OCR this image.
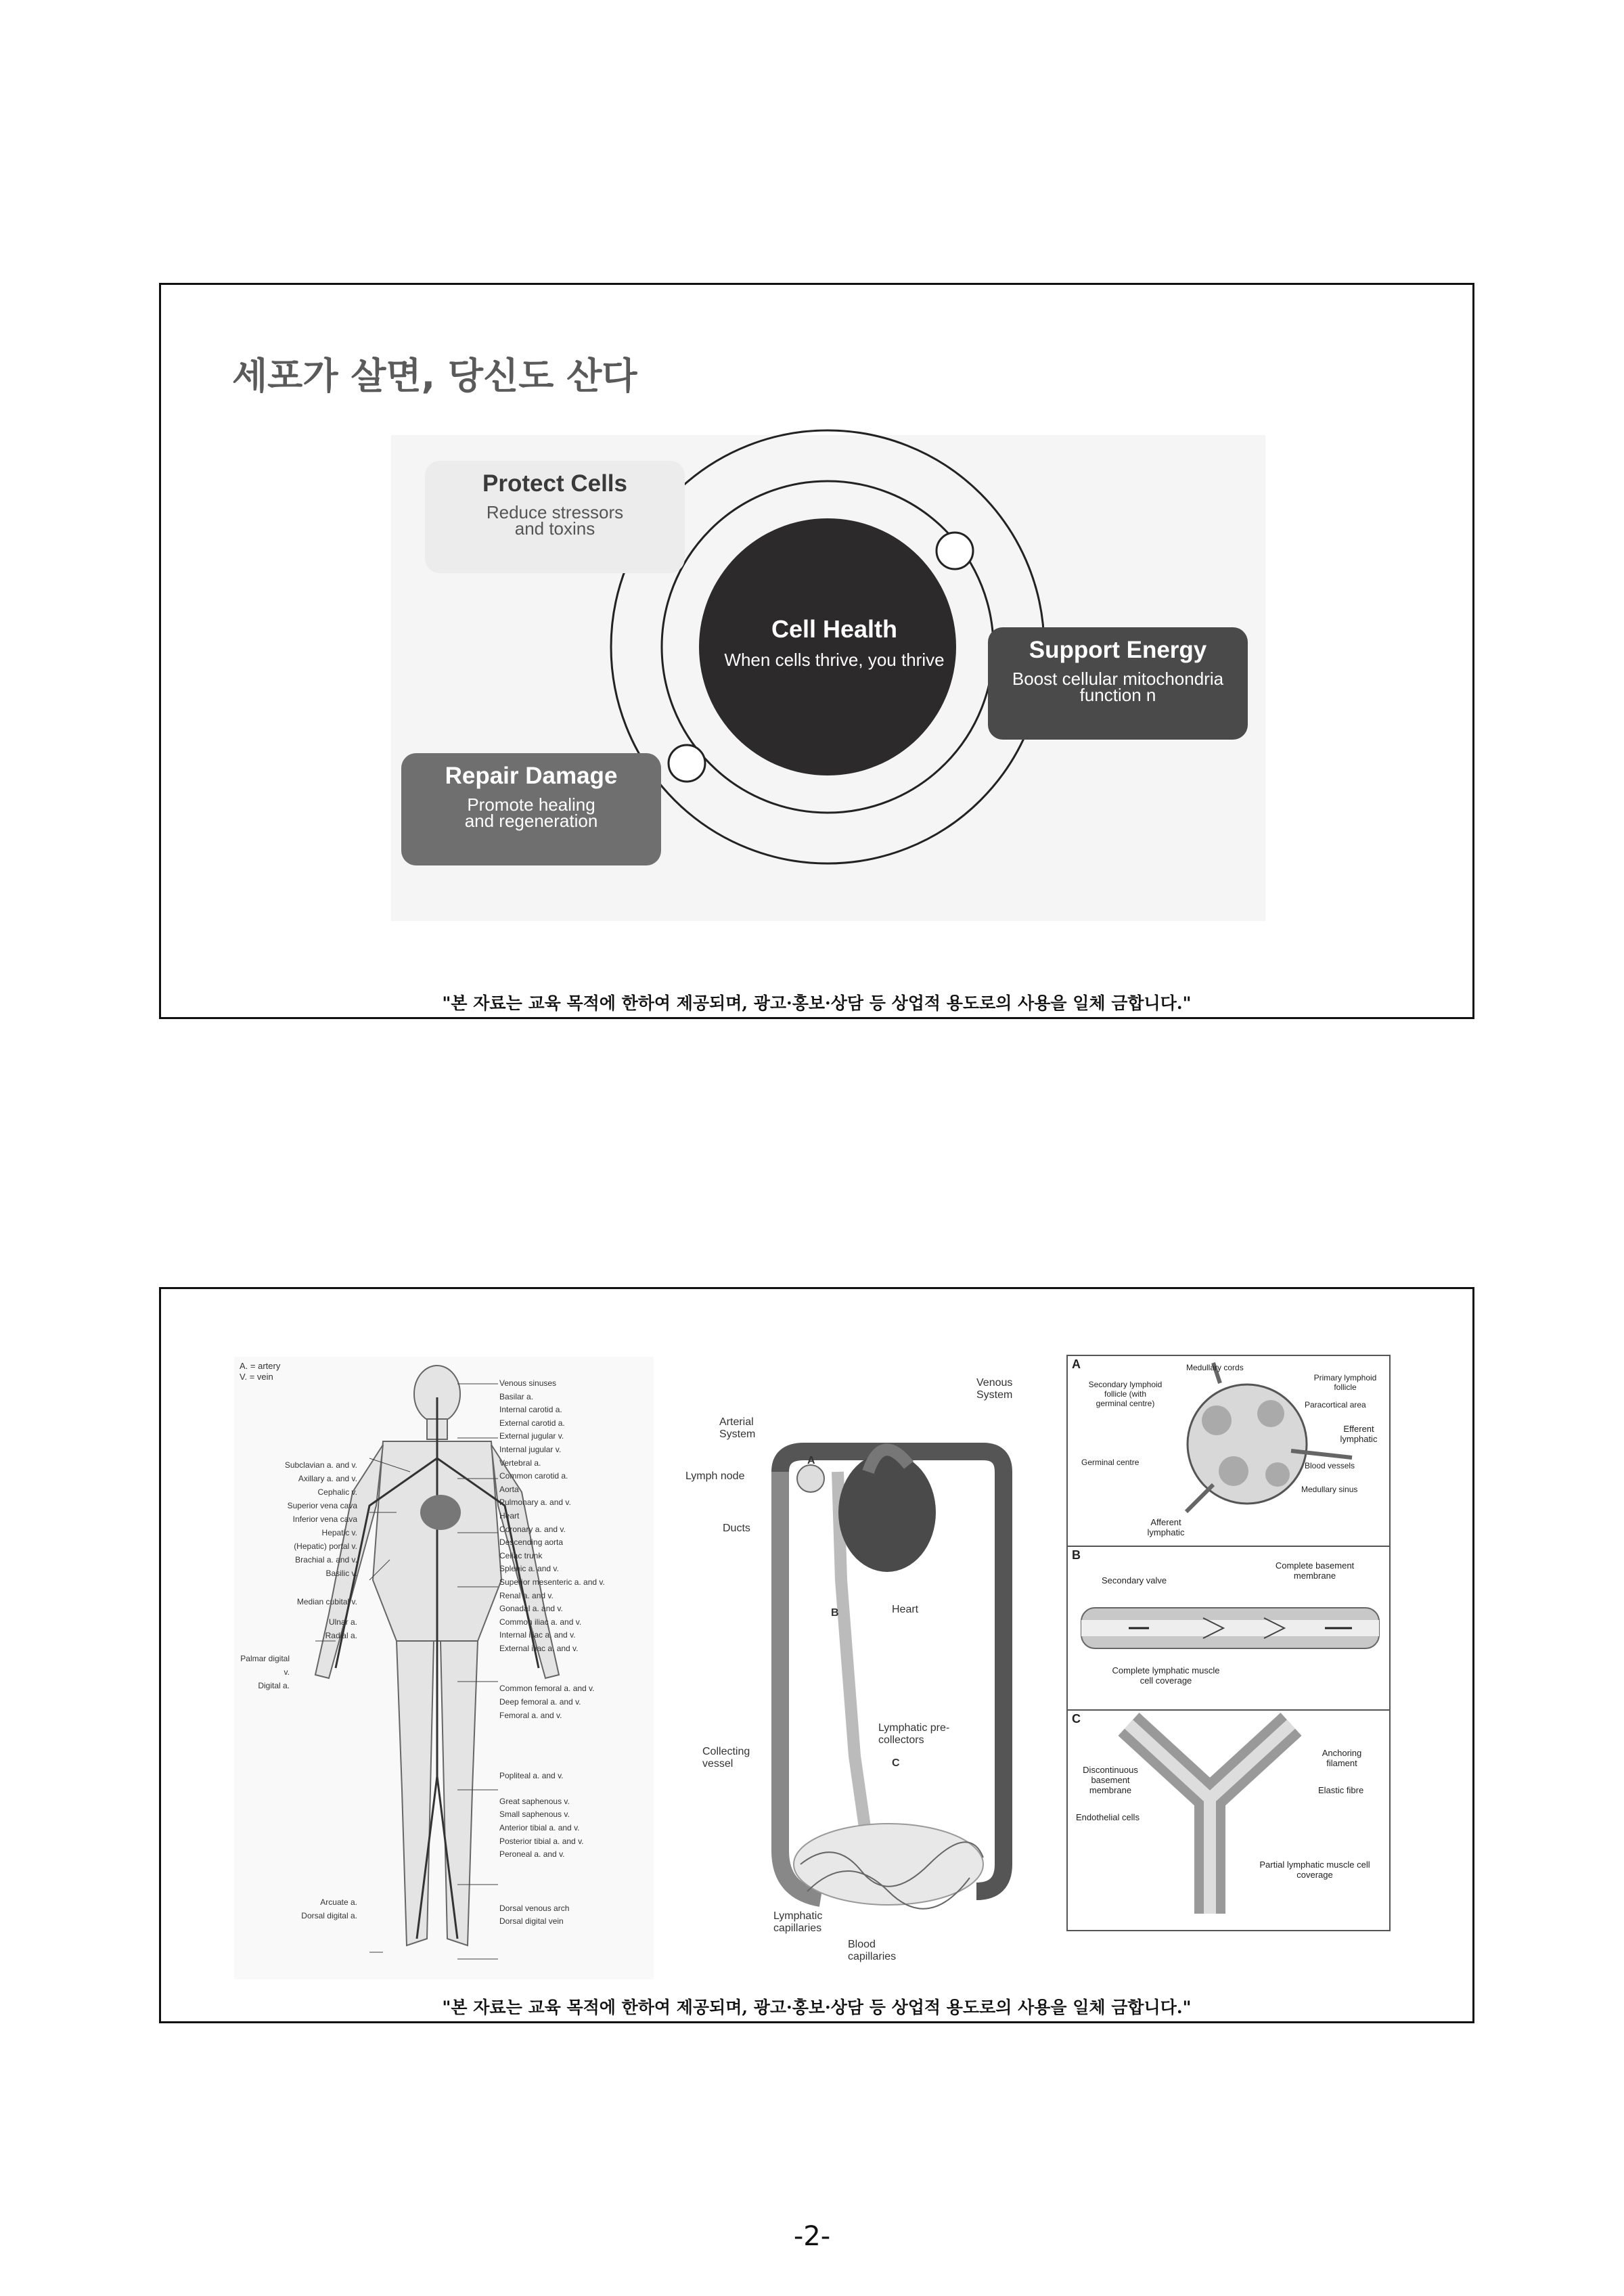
세포가 살면, 당신도 산다
Cell Health
When cells thrive, you thrive
Protect Cells
Reduce stressors and toxins
Support Energy
Boost cellular mitochondria function n
Repair Damage
Promote healing and regeneration
"본 자료는 교육 목적에 한하여 제공되며, 광고·홍보·상담 등 상업적 용도로의 사용을 일체 금합니다."
A. = artery
V. = vein
Venous sinuses
Basilar a.
Internal carotid a.
External carotid a.
External jugular v.
Internal jugular v.
Vertebral a.
Common carotid a.
Aorta
Pulmonary a. and v.
Heart
Coronary a. and v.
Descending aorta
Celiac trunk
Splenic a. and v.
Superior mesenteric a. and v.
Renal a. and v.
Gonadal a. and v.
Common iliac a. and v.
Internal iliac a. and v.
External iliac a. and v.
Common femoral a. and v.
Deep femoral a. and v.
Femoral a. and v.
Popliteal a. and v.
Great saphenous v.
Small saphenous v.
Anterior tibial a. and v.
Posterior tibial a. and v.
Peroneal a. and v.
Dorsal venous arch
Dorsal digital vein
Subclavian a. and v.
Axillary a. and v.
Cephalic v.
Superior vena cava
Inferior vena cava
Hepatic v.
(Hepatic) portal v.
Brachial a. and v.
Basilic v.
Median cubital v.
Ulnar a.
Radial a.
Palmar digital v.
Digital a.
Arcuate a.
Dorsal digital a.
Venous System
Arterial System
Lymph node
A
Ducts
B	Heart
Lymphatic pre-collectors
C
Collecting vessel
Lymphatic capillaries
Blood capillaries
A	Medullary cords
Primary lymphoid follicle
Secondary lymphoid follicle (with germinal centre)	Paracortical area
Efferent lymphatic
Germinal centre	Blood vessels
Medullary sinus
Afferent lymphatic
B
Complete basement membrane
Secondary valve
Complete lymphatic muscle cell coverage
C
Anchoring filament
Discontinuous basement membrane	Elastic fibre
Endothelial cells
Partial lymphatic muscle cell coverage
"본 자료는 교육 목적에 한하여 제공되며, 광고·홍보·상담 등 상업적 용도로의 사용을 일체 금합니다."
-2-
